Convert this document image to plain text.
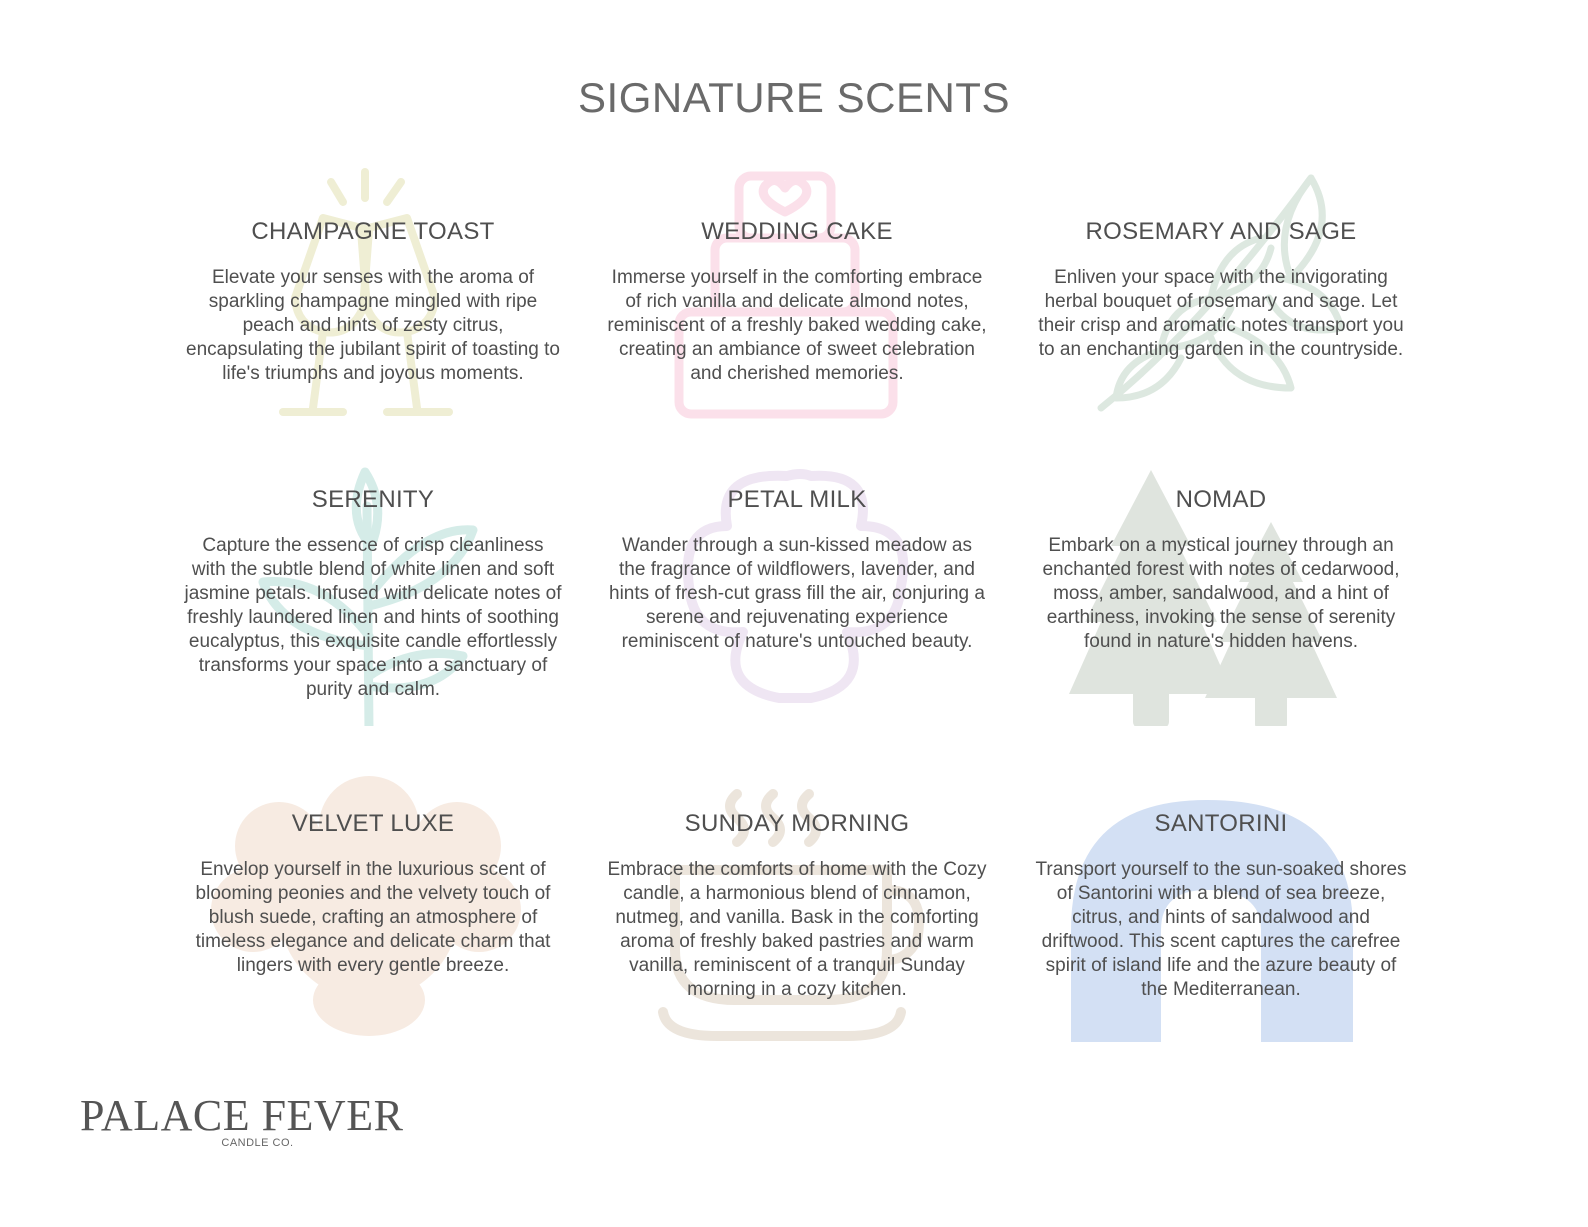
SIGNATURE SCENTS
CHAMPAGNE TOAST

Elevate your senses with the aroma of sparkling champagne mingled with ripe peach and hints of zesty citrus, encapsulating the jubilant spirit of toasting to life's triumphs and joyous moments.

WEDDING CAKE

Immerse yourself in the comforting embrace of rich vanilla and delicate almond notes, reminiscent of a freshly baked wedding cake, creating an ambiance of sweet celebration and cherished memories.

ROSEMARY AND SAGE

Enliven your space with the invigorating herbal bouquet of rosemary and sage. Let their crisp and aromatic notes transport you to an enchanting garden in the countryside.

SERENITY

Capture the essence of crisp cleanliness with the subtle blend of white linen and soft jasmine petals. Infused with delicate notes of freshly laundered linen and hints of soothing eucalyptus, this exquisite candle effortlessly transforms your space into a sanctuary of purity and calm.

PETAL MILK

Wander through a sun-kissed meadow as the fragrance of wildflowers, lavender, and hints of fresh-cut grass fill the air, conjuring a serene and rejuvenating experience reminiscent of nature's untouched beauty.

NOMAD

Embark on a mystical journey through an enchanted forest with notes of cedarwood, moss, amber, sandalwood, and a hint of earthiness, invoking the sense of serenity found in nature's hidden havens.

VELVET LUXE

Envelop yourself in the luxurious scent of blooming peonies and the velvety touch of blush suede, crafting an atmosphere of timeless elegance and delicate charm that lingers with every gentle breeze.

SUNDAY MORNING

Embrace the comforts of home with the Cozy candle, a harmonious blend of cinnamon, nutmeg, and vanilla. Bask in the comforting aroma of freshly baked pastries and warm vanilla, reminiscent of a tranquil Sunday morning in a cozy kitchen.

SANTORINI

Transport yourself to the sun-soaked shores of Santorini with a blend of sea breeze, citrus, and hints of sandalwood and driftwood. This scent captures the carefree spirit of island life and the azure beauty of the Mediterranean.

PALACE FEVER
CANDLE CO.
